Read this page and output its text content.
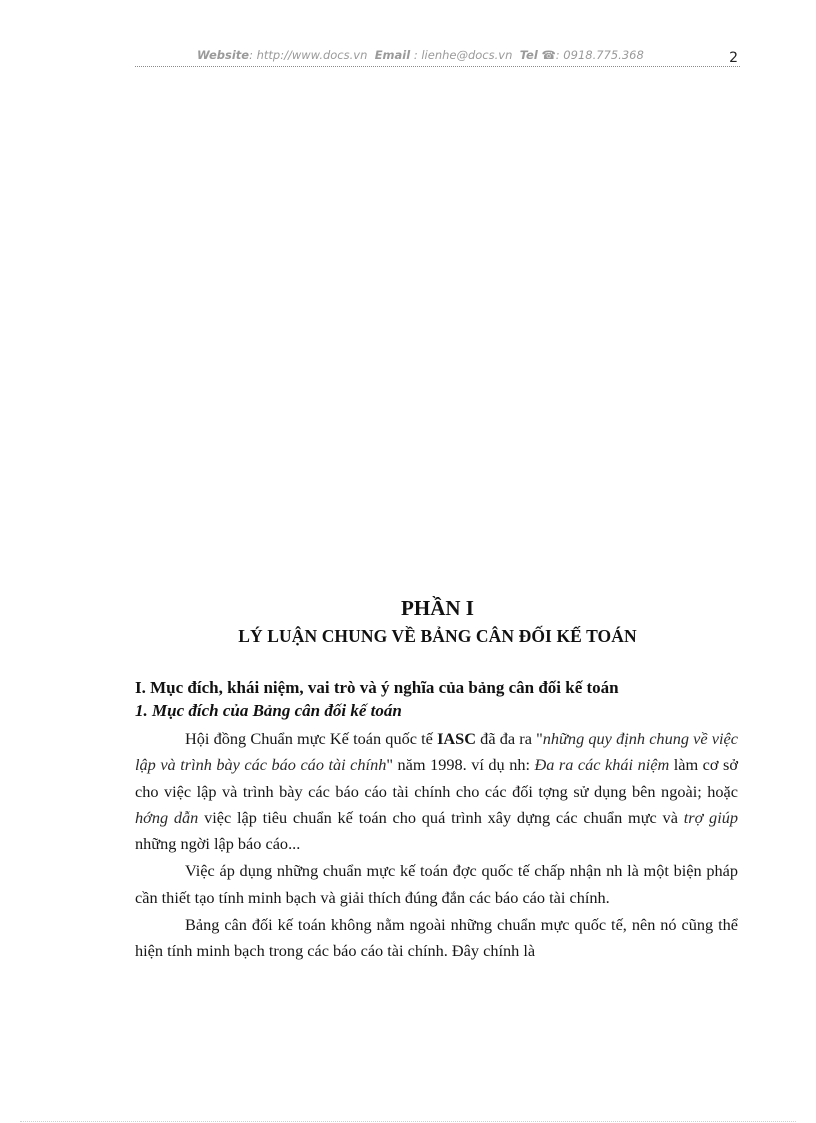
Website: http://www.docs.vn Email : lienhe@docs.vn Tel ☎: 0918.775.368	2
PHẦN I
LÝ LUẬN CHUNG VỀ BẢNG CÂN ĐỐI KẾ TOÁN
I. Mục đích, khái niệm, vai trò và ý nghĩa của bảng cân đối kế toán
1. Mục đích của Bảng cân đối kế toán

Hội đồng Chuẩn mực Kế toán quốc tế IASC đã đa ra "những quy định chung về việc lập và trình bày các báo cáo tài chính" năm 1998. ví dụ nh: Đa ra các khái niệm làm cơ sở cho việc lập và trình bày các báo cáo tài chính cho các đối tợng sử dụng bên ngoài; hoặc hớng dẫn việc lập tiêu chuẩn kế toán cho quá trình xây dựng các chuẩn mực và trợ giúp những ngời lập báo cáo...

Việc áp dụng những chuẩn mực kế toán đợc quốc tế chấp nhận nh là một biện pháp cần thiết tạo tính minh bạch và giải thích đúng đắn các báo cáo tài chính.

Bảng cân đối kế toán không nằm ngoài những chuẩn mực quốc tế, nên nó cũng thể hiện tính minh bạch trong các báo cáo tài chính. Đây chính là
